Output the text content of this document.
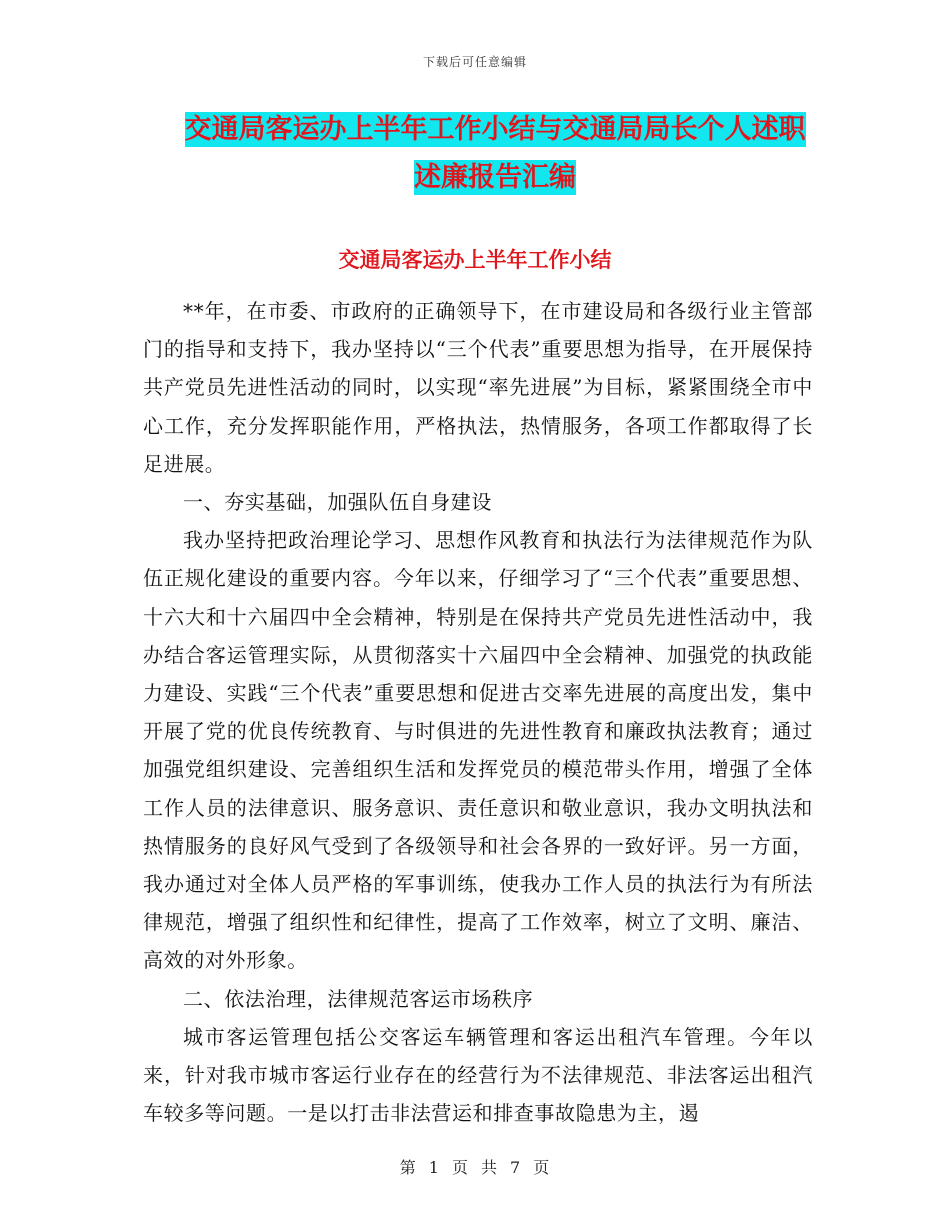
下载后可任意编辑
交通局客运办上半年工作小结与交通局局长个人述职
述廉报告汇编
交通局客运办上半年工作小结

**年，在市委、市政府的正确领导下，在市建设局和各级行业主管部门的指导和支持下，我办坚持以“三个代表”重要思想为指导，在开展保持共产党员先进性活动的同时，以实现“率先进展”为目标，紧紧围绕全市中心工作，充分发挥职能作用，严格执法，热情服务，各项工作都取得了长足进展。

一、夯实基础，加强队伍自身建设

我办坚持把政治理论学习、思想作风教育和执法行为法律规范作为队伍正规化建设的重要内容。今年以来，仔细学习了“三个代表”重要思想、十六大和十六届四中全会精神，特别是在保持共产党员先进性活动中，我办结合客运管理实际，从贯彻落实十六届四中全会精神、加强党的执政能力建设、实践“三个代表”重要思想和促进古交率先进展的高度出发，集中开展了党的优良传统教育、与时俱进的先进性教育和廉政执法教育；通过加强党组织建设、完善组织生活和发挥党员的模范带头作用，增强了全体工作人员的法律意识、服务意识、责任意识和敬业意识，我办文明执法和热情服务的良好风气受到了各级领导和社会各界的一致好评。另一方面，我办通过对全体人员严格的军事训练，使我办工作人员的执法行为有所法律规范，增强了组织性和纪律性，提高了工作效率，树立了文明、廉洁、高效的对外形象。

二、依法治理，法律规范客运市场秩序

城市客运管理包括公交客运车辆管理和客运出租汽车管理。今年以来，针对我市城市客运行业存在的经营行为不法律规范、非法客运出租汽车较多等问题。一是以打击非法营运和排查事故隐患为主，遏

第 1 页 共 7 页
